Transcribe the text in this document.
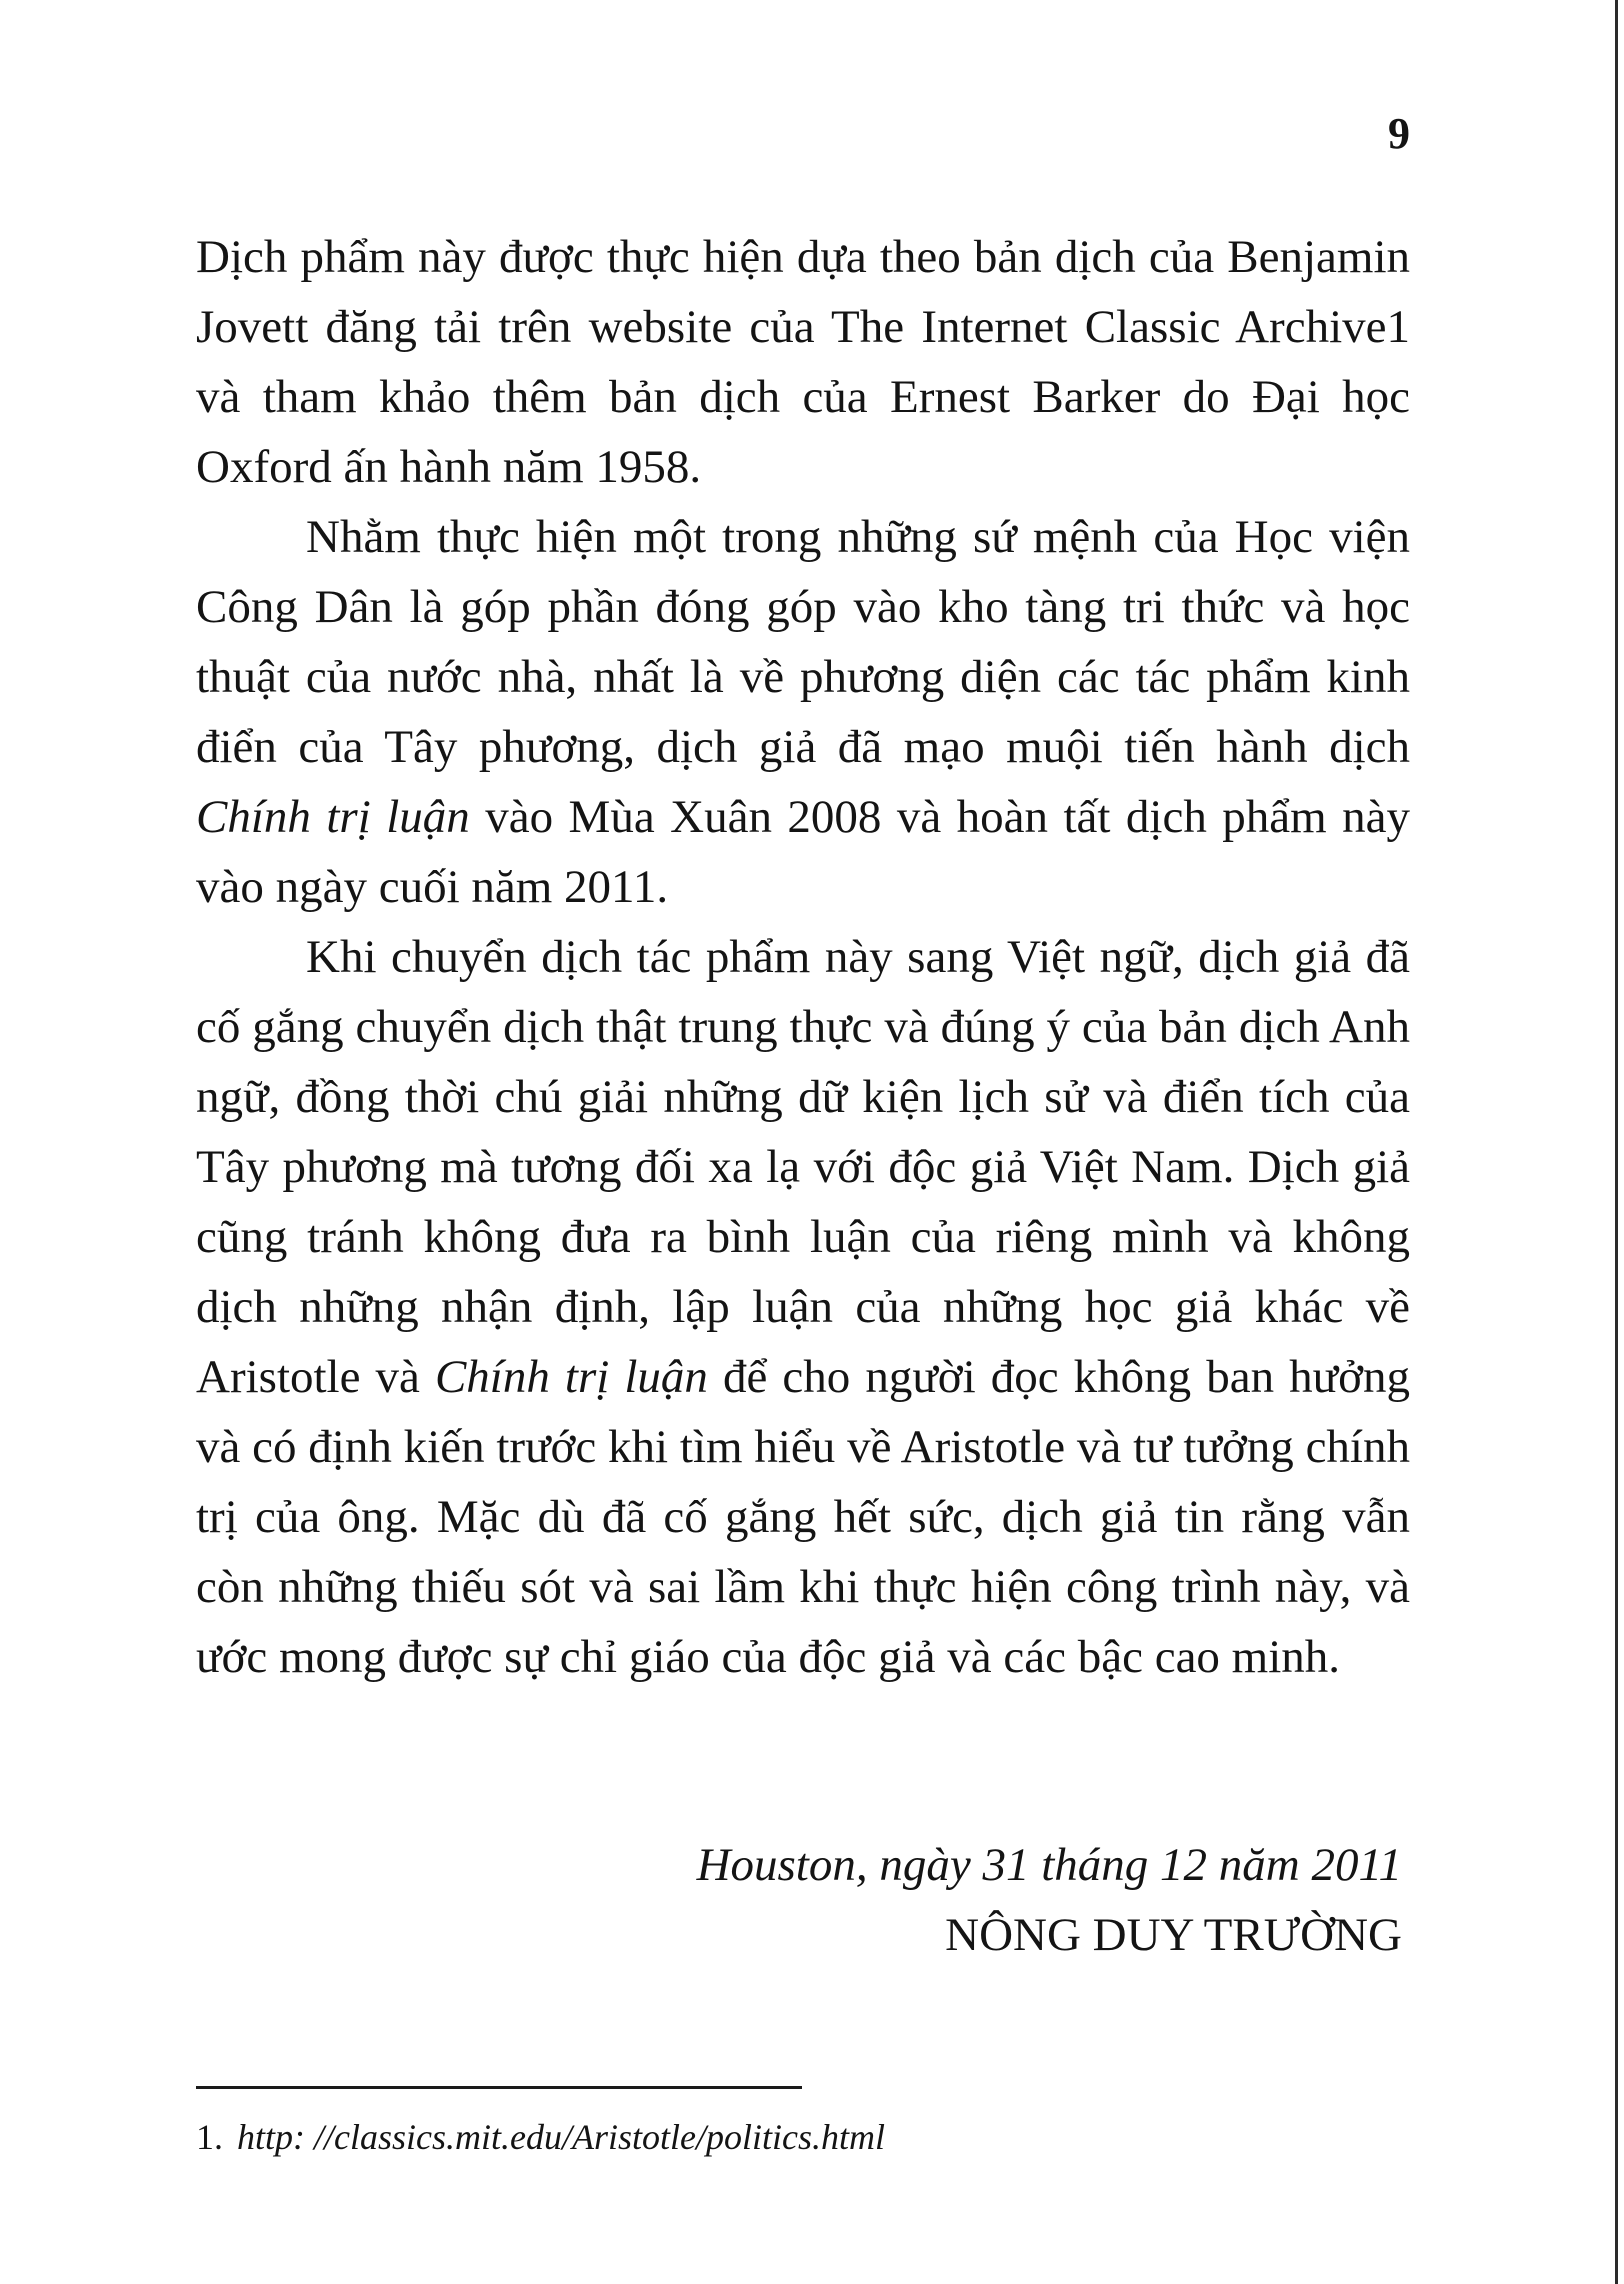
9

Dịch phẩm này được thực hiện dựa theo bản dịch của Benjamin Jovett đăng tải trên website của The Internet Classic Archive1 và tham khảo thêm bản dịch của Ernest Barker do Đại học Oxford ấn hành năm 1958.

Nhằm thực hiện một trong những sứ mệnh của Học viện Công Dân là góp phần đóng góp vào kho tàng tri thức và học thuật của nước nhà, nhất là về phương diện các tác phẩm kinh điển của Tây phương, dịch giả đã mạo muội tiến hành dịch Chính trị luận vào Mùa Xuân 2008 và hoàn tất dịch phẩm này vào ngày cuối năm 2011.

Khi chuyển dịch tác phẩm này sang Việt ngữ, dịch giả đã cố gắng chuyển dịch thật trung thực và đúng ý của bản dịch Anh ngữ, đồng thời chú giải những dữ kiện lịch sử và điển tích của Tây phương mà tương đối xa lạ với độc giả Việt Nam. Dịch giả cũng tránh không đưa ra bình luận của riêng mình và không dịch những nhận định, lập luận của những học giả khác về Aristotle và Chính trị luận để cho người đọc không ban hưởng và có định kiến trước khi tìm hiểu về Aristotle và tư tưởng chính trị của ông. Mặc dù đã cố gắng hết sức, dịch giả tin rằng vẫn còn những thiếu sót và sai lầm khi thực hiện công trình này, và ước mong được sự chỉ giáo của độc giả và các bậc cao minh.

Houston, ngày 31 tháng 12 năm 2011
NÔNG DUY TRƯỜNG
1. http: //classics.mit.edu/Aristotle/politics.html
